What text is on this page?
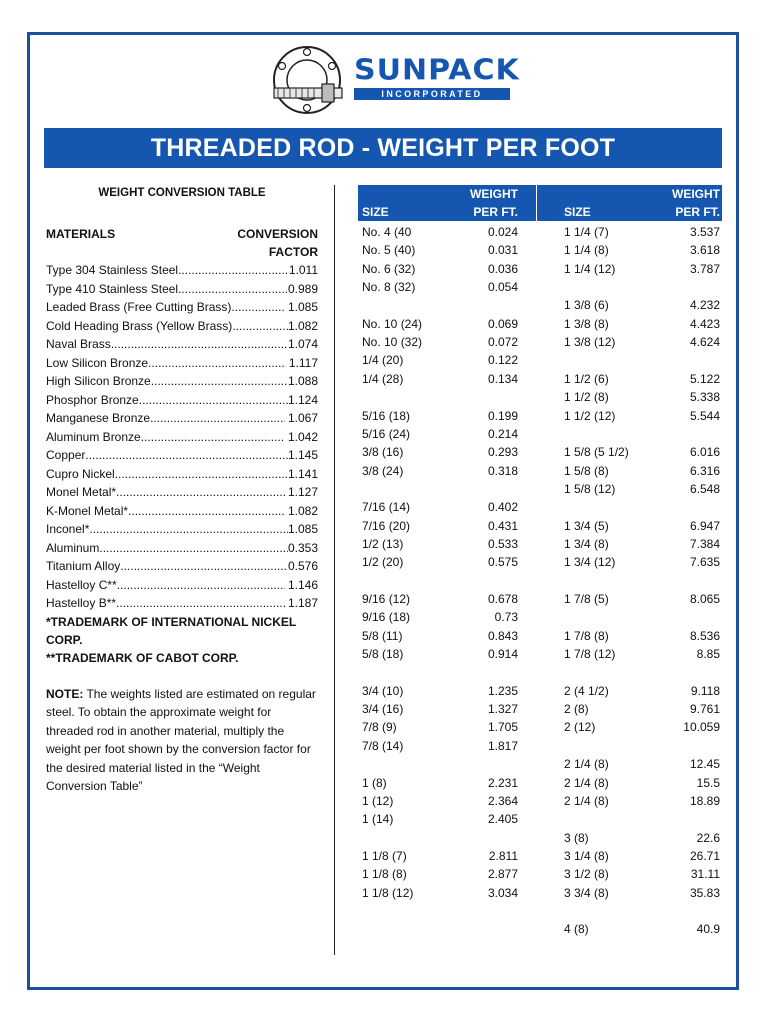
SUNPACK
INCORPORATED
THREADED ROD - WEIGHT PER FOOT
WEIGHT CONVERSION TABLE
MATERIALS	CONVERSION
FACTOR
Type 304 Stainless Steel .....	1.011
Type 410 Stainless Steel .....	0.989
Leaded Brass (Free Cutting Brass) .....	1.085
Cold Heading Brass (Yellow Brass) .....	1.082
Naval Brass .....	1.074
Low Silicon Bronze .....	1.117
High Silicon Bronze .....	1.088
Phosphor Bronze .....	1.124
Manganese Bronze .....	1.067
Aluminum Bronze .....	1.042
Copper .....	1.145
Cupro Nickel .....	1.141
Monel Metal* .....	1.127
K-Monel Metal* .....	1.082
Inconel* .....	1.085
Aluminum .....	0.353
Titanium Alloy .....	0.576
Hastelloy C** .....	1.146
Hastelloy B** .....	1.187
*TRADEMARK OF INTERNATIONAL NICKEL CORP.
**TRADEMARK OF CABOT CORP.
NOTE: The weights listed are estimated on regular steel. To obtain the approximate weight for threaded rod in another material, multiply the weight per foot shown by the conversion factor for the desired material listed in the “Weight Conversion Table”
WEIGHT
SIZE	PER FT.
WEIGHT
SIZE	PER FT.
No. 4 (40	0.024
No. 5 (40)	0.031
No. 6 (32)	0.036
No. 8 (32)	0.054
No. 10 (24)	0.069
No. 10 (32)	0.072
1/4 (20)	0.122
1/4 (28)	0.134
5/16 (18)	0.199
5/16 (24)	0.214
3/8 (16)	0.293
3/8 (24)	0.318
7/16 (14)	0.402
7/16 (20)	0.431
1/2 (13)	0.533
1/2 (20)	0.575
9/16 (12)	0.678
9/16 (18)	0.73
5/8 (11)	0.843
5/8 (18)	0.914
3/4 (10)	1.235
3/4 (16)	1.327
7/8 (9)	1.705
7/8 (14)	1.817
1 (8)	2.231
1 (12)	2.364
1 (14)	2.405
1 1/8 (7)	2.811
1 1/8 (8)	2.877
1 1/8 (12)	3.034
1 1/4 (7)	3.537
1 1/4 (8)	3.618
1 1/4 (12)	3.787
1 3/8 (6)	4.232
1 3/8 (8)	4.423
1 3/8 (12)	4.624
1 1/2 (6)	5.122
1 1/2 (8)	5.338
1 1/2 (12)	5.544
1 5/8 (5 1/2)	6.016
1 5/8 (8)	6.316
1 5/8 (12)	6.548
1 3/4 (5)	6.947
1 3/4 (8)	7.384
1 3/4 (12)	7.635
1 7/8 (5)	8.065
1 7/8 (8)	8.536
1 7/8 (12)	8.85
2 (4 1/2)	9.118
2 (8)	9.761
2 (12)	10.059
2 1/4 (8)	12.45
2 1/4 (8)	15.5
2 1/4 (8)	18.89
3 (8)	22.6
3 1/4 (8)	26.71
3 1/2 (8)	31.11
3 3/4 (8)	35.83
4 (8)	40.9
